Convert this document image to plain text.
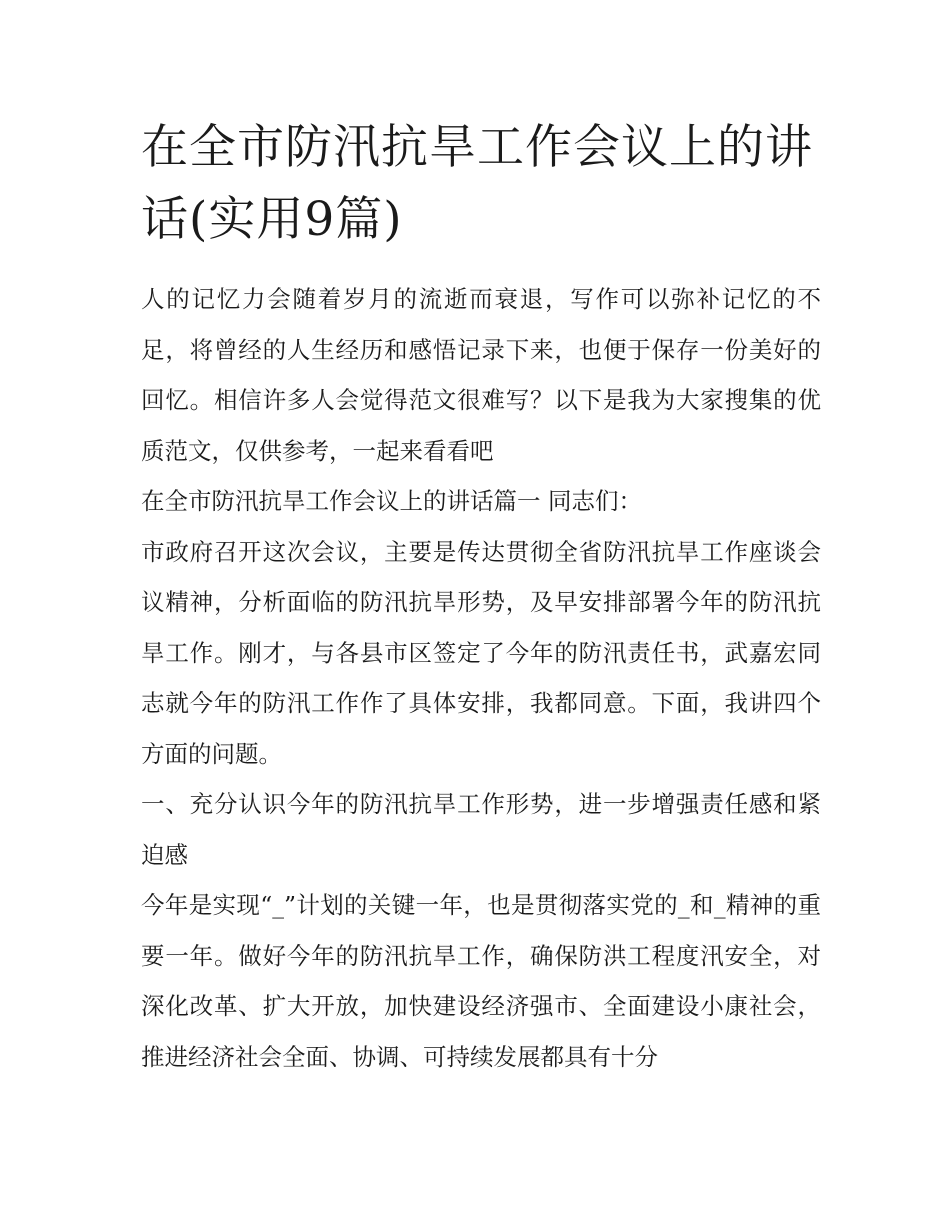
在全市防汛抗旱工作会议上的讲话(实用9篇)

人的记忆力会随着岁月的流逝而衰退，写作可以弥补记忆的不足，将曾经的人生经历和感悟记录下来，也便于保存一份美好的回忆。相信许多人会觉得范文很难写？以下是我为大家搜集的优质范文，仅供参考，一起来看看吧

在全市防汛抗旱工作会议上的讲话篇一 同志们：

市政府召开这次会议，主要是传达贯彻全省防汛抗旱工作座谈会议精神，分析面临的防汛抗旱形势，及早安排部署今年的防汛抗旱工作。刚才，与各县市区签定了今年的防汛责任书，武嘉宏同志就今年的防汛工作作了具体安排，我都同意。下面，我讲四个方面的问题。

一、充分认识今年的防汛抗旱工作形势，进一步增强责任感和紧迫感

今年是实现“_”计划的关键一年，也是贯彻落实党的_和_精神的重要一年。做好今年的防汛抗旱工作，确保防洪工程度汛安全，对深化改革、扩大开放，加快建设经济强市、全面建设小康社会，推进经济社会全面、协调、可持续发展都具有十分
